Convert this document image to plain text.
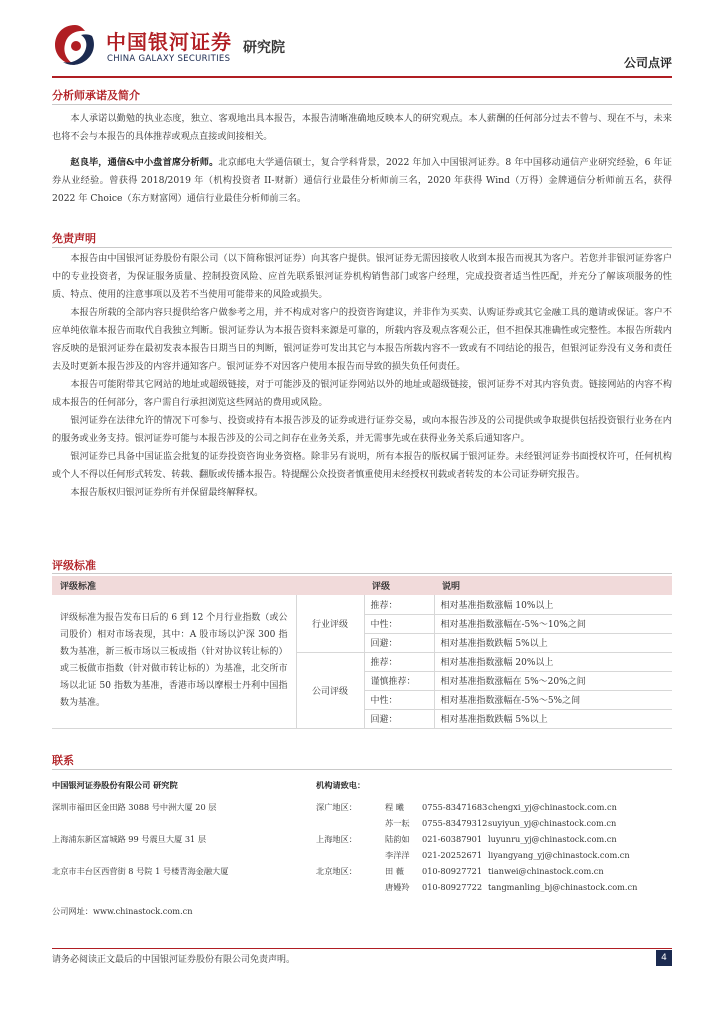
中国银河证券
CHINA GALAXY SECURITIES
研究院
公司点评
分析师承诺及简介

本人承诺以勤勉的执业态度，独立、客观地出具本报告，本报告清晰准确地反映本人的研究观点。本人薪酬的任何部分过去不曾与、现在不与，未来也将不会与本报告的具体推荐或观点直接或间接相关。

赵良毕，通信&中小盘首席分析师。北京邮电大学通信硕士，复合学科背景，2022 年加入中国银河证券。8 年中国移动通信产业研究经验，6 年证券从业经验。曾获得 2018/2019 年（机构投资者 II-财新）通信行业最佳分析师前三名，2020 年获得 Wind（万得）金牌通信分析师前五名，获得 2022 年 Choice（东方财富网）通信行业最佳分析师前三名。

免责声明

本报告由中国银河证券股份有限公司（以下简称银河证券）向其客户提供。银河证券无需因接收人收到本报告而视其为客户。若您并非银河证券客户中的专业投资者，为保证服务质量、控制投资风险、应首先联系银河证券机构销售部门或客户经理，完成投资者适当性匹配，并充分了解该项服务的性质、特点、使用的注意事项以及若不当使用可能带来的风险或损失。

本报告所载的全部内容只提供给客户做参考之用，并不构成对客户的投资咨询建议，并非作为买卖、认购证券或其它金融工具的邀请或保证。客户不应单纯依靠本报告而取代自我独立判断。银河证券认为本报告资料来源是可靠的，所载内容及观点客观公正，但不担保其准确性或完整性。本报告所载内容反映的是银河证券在最初发表本报告日期当日的判断，银河证券可发出其它与本报告所载内容不一致或有不同结论的报告，但银河证券没有义务和责任去及时更新本报告涉及的内容并通知客户。银河证券不对因客户使用本报告而导致的损失负任何责任。

本报告可能附带其它网站的地址或超级链接，对于可能涉及的银河证券网站以外的地址或超级链接，银河证券不对其内容负责。链接网站的内容不构成本报告的任何部分，客户需自行承担浏览这些网站的费用或风险。

银河证券在法律允许的情况下可参与、投资或持有本报告涉及的证券或进行证券交易，或向本报告涉及的公司提供或争取提供包括投资银行业务在内的服务或业务支持。银河证券可能与本报告涉及的公司之间存在业务关系，并无需事先或在获得业务关系后通知客户。

银河证券已具备中国证监会批复的证券投资咨询业务资格。除非另有说明，所有本报告的版权属于银河证券。未经银河证券书面授权许可，任何机构或个人不得以任何形式转发、转载、翻版或传播本报告。特提醒公众投资者慎重使用未经授权刊载或者转发的本公司证券研究报告。

本报告版权归银河证券所有并保留最终解释权。

评级标准
评级标准		评级	说明
评级标准为报告发布日后的 6 到 12 个月行业指数（或公司股价）相对市场表现，其中：A 股市场以沪深 300 指数为基准，新三板市场以三板成指（针对协议转让标的）或三板做市指数（针对做市转让标的）为基准，北交所市场以北证 50 指数为基准，香港市场以摩根士丹利中国指数为基准。	行业评级	推荐：	相对基准指数涨幅 10%以上
		中性：	相对基准指数涨幅在-5%～10%之间
		回避：	相对基准指数跌幅 5%以上
	公司评级	推荐：	相对基准指数涨幅 20%以上
		谨慎推荐：	相对基准指数涨幅在 5%～20%之间
		中性：	相对基准指数涨幅在-5%～5%之间
		回避：	相对基准指数跌幅 5%以上
联系
中国银河证券股份有限公司 研究院	机构请致电：
深圳市福田区金田路 3088 号中洲大厦 20 层	深广地区：
上海浦东新区富城路 99 号震旦大厦 31 层	上海地区：
北京市丰台区西营街 8 号院 1 号楼青海金融大厦	北京地区：
程 曦 0755-83471683 chengxi_yj@chinastock.com.cn
苏一耘 0755-83479312 suyiyun_yj@chinastock.com.cn
陆韵如 021-60387901 luyunru_yj@chinastock.com.cn
李洋洋 021-20252671 liyangyang_yj@chinastock.com.cn
田 薇 010-80927721 tianwei@chinastock.com.cn
唐嫚羚 010-80927722 tangmanling_bj@chinastock.com.cn
公司网址：www.chinastock.com.cn
请务必阅读正文最后的中国银河证券股份有限公司免责声明。	4
